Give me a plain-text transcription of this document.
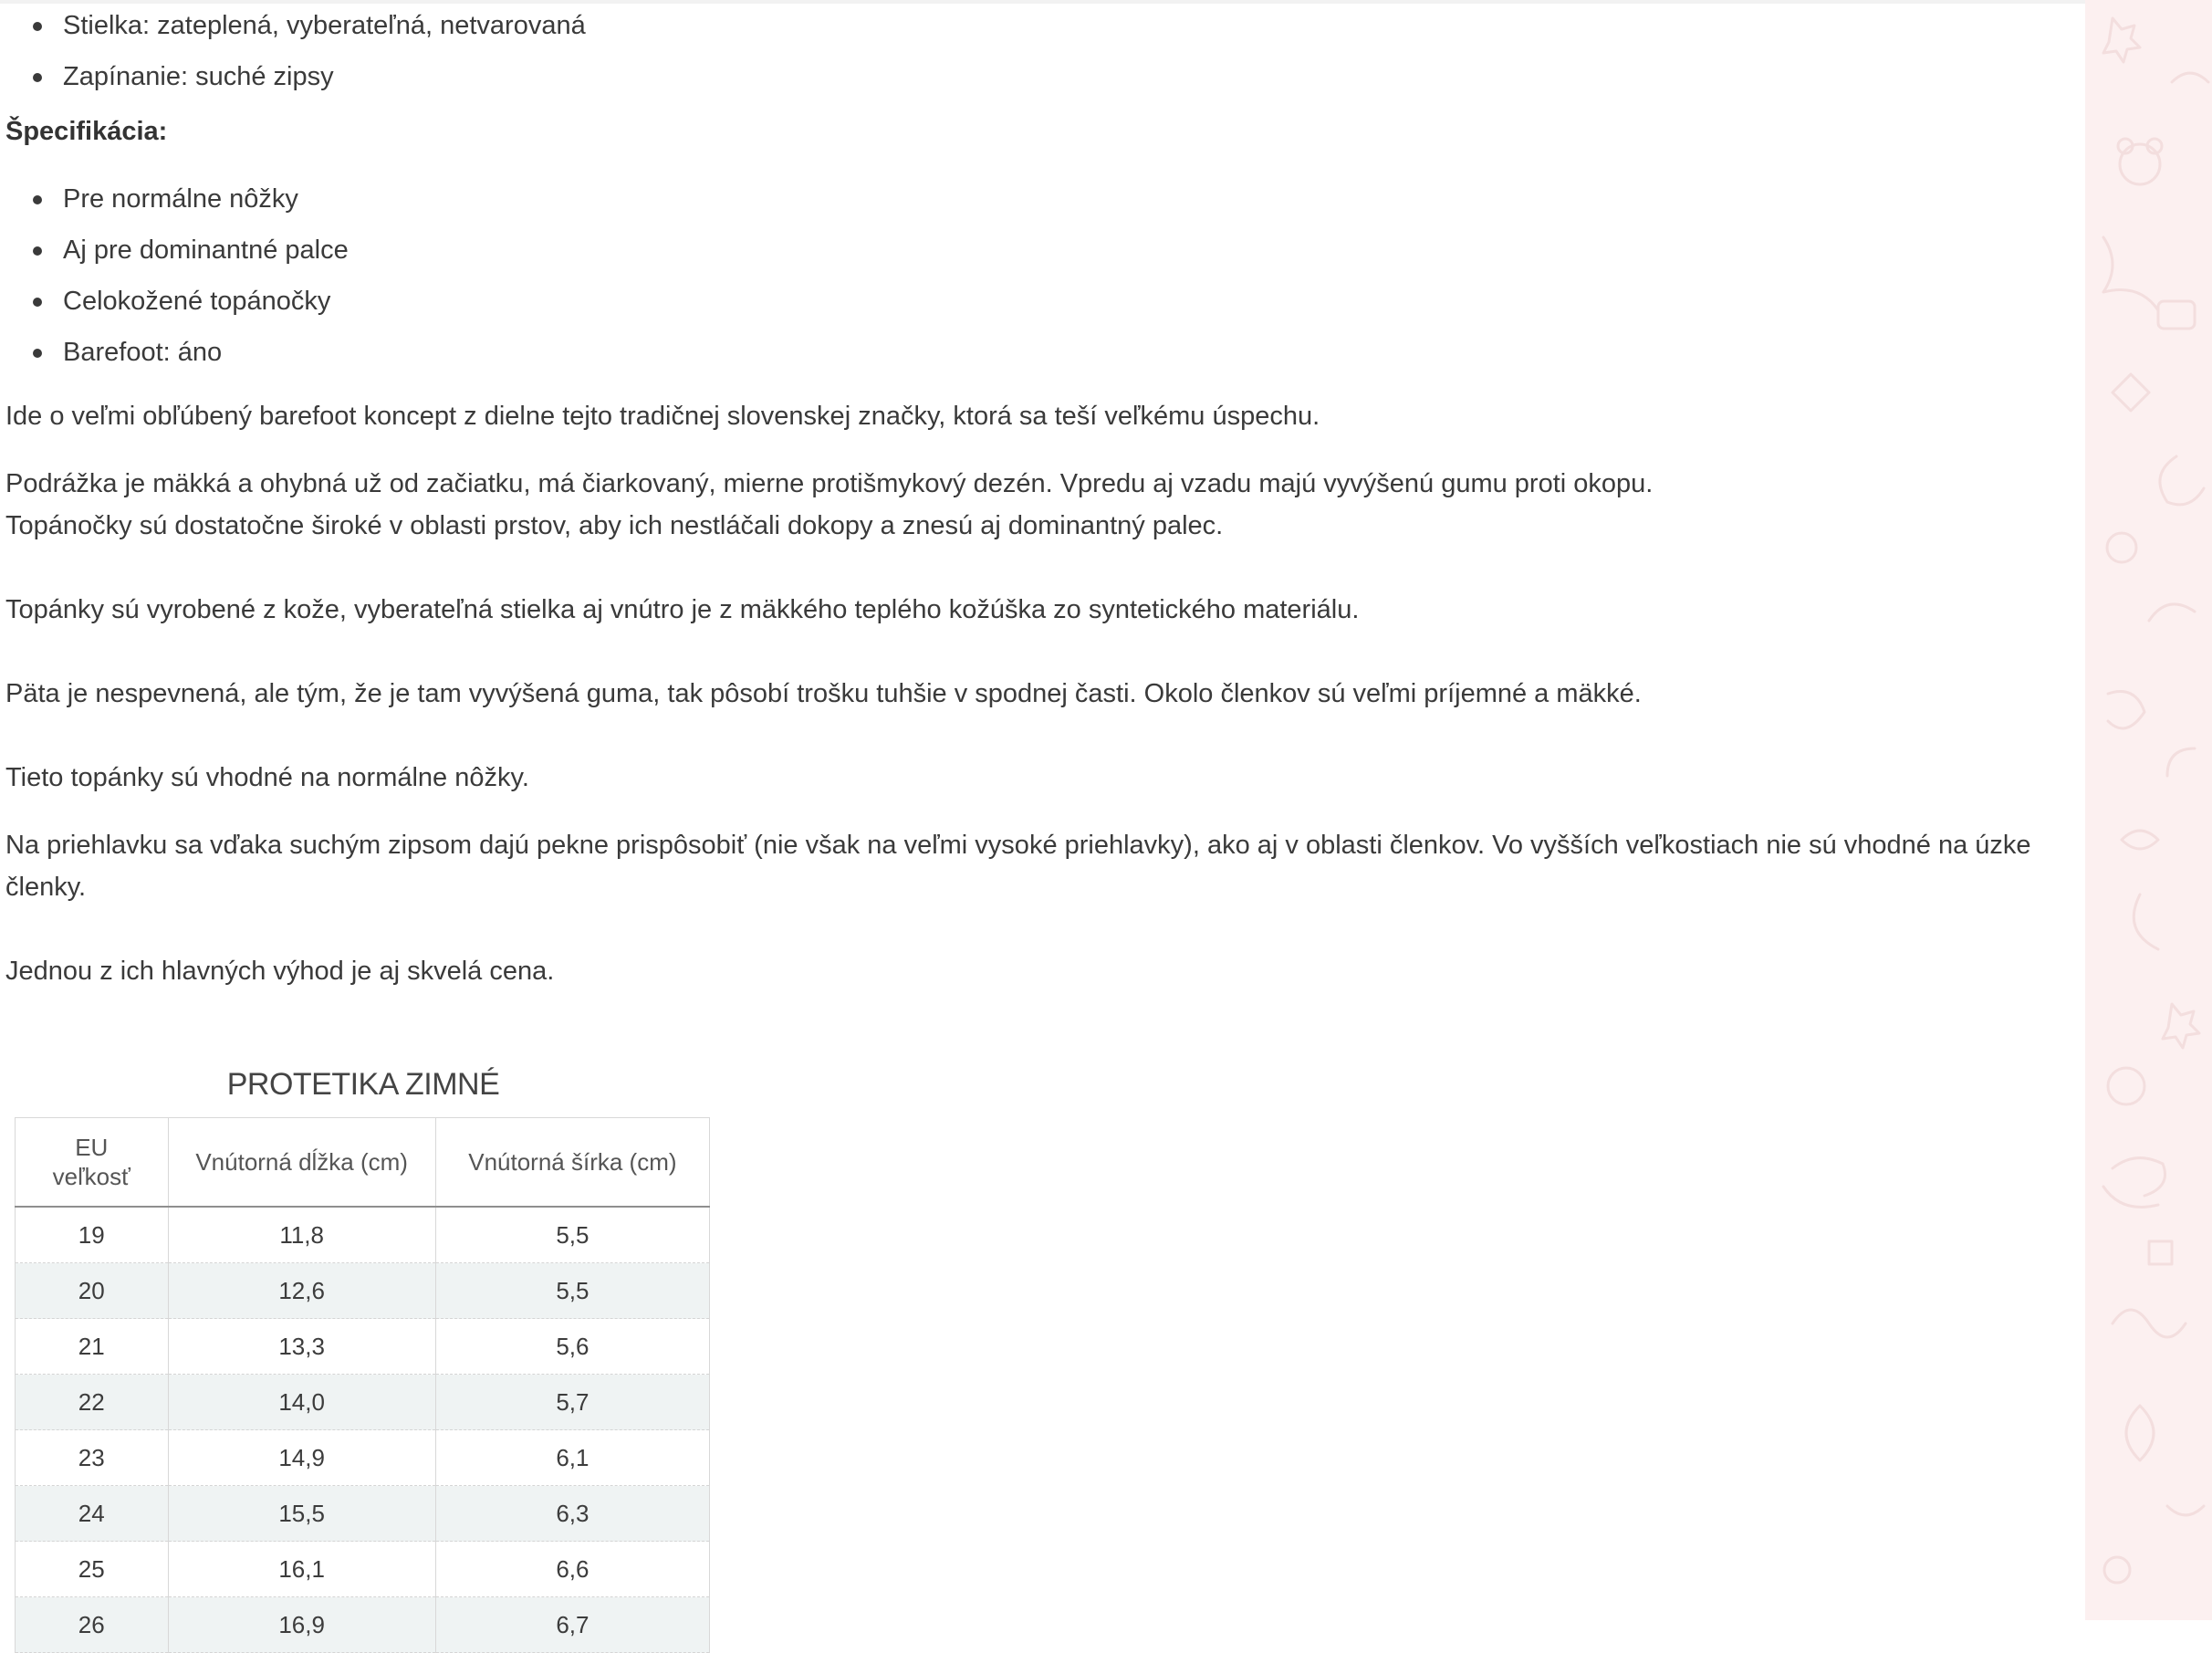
Stielka: zateplená, vyberateľná, netvarovaná
Zapínanie: suché zipsy

Špecifikácia:

Pre normálne nôžky
Aj pre dominantné palce
Celokožené topánočky
Barefoot: áno

Ide o veľmi obľúbený barefoot koncept z dielne tejto tradičnej slovenskej značky, ktorá sa teší veľkému úspechu.

Podrážka je mäkká a ohybná už od začiatku, má čiarkovaný, mierne protišmykový dezén. Vpredu aj vzadu majú vyvýšenú gumu proti okopu.

Topánočky sú dostatočne široké v oblasti prstov, aby ich nestláčali dokopy a znesú aj dominantný palec.

Topánky sú vyrobené z kože, vyberateľná stielka aj vnútro je z mäkkého teplého kožúška zo syntetického materiálu.

Päta je nespevnená, ale tým, že je tam vyvýšená guma, tak pôsobí trošku tuhšie v spodnej časti. Okolo členkov sú veľmi príjemné a mäkké.

Tieto topánky sú vhodné na normálne nôžky.

Na priehlavku sa vďaka suchým zipsom dajú pekne prispôsobiť (nie však na veľmi vysoké priehlavky), ako aj v oblasti členkov. Vo vyšších veľkostiach nie sú vhodné na úzke členky.

Jednou z ich hlavných výhod je aj skvelá cena.

PROTETIKA ZIMNÉ
EU
veľkosť	Vnútorná dĺžka (cm)	Vnútorná šírka (cm)
19	11,8	5,5
20	12,6	5,5
21	13,3	5,6
22	14,0	5,7
23	14,9	6,1
24	15,5	6,3
25	16,1	6,6
26	16,9	6,7
